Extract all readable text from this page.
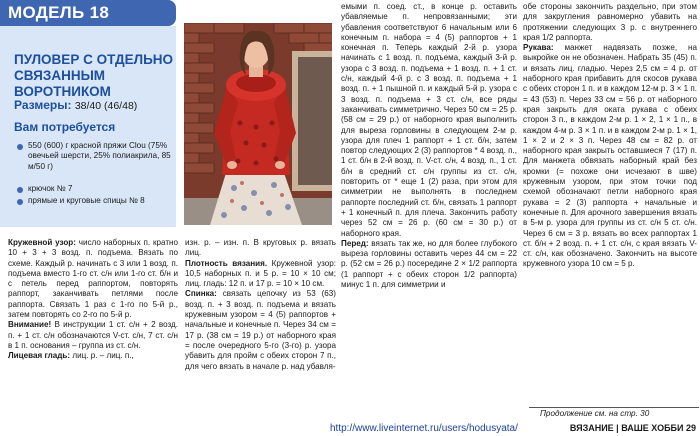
МОДЕЛЬ 18
ПУЛОВЕР С ОТДЕЛЬНО СВЯЗАННЫМ ВОРОТНИКОМ
Размеры: 38/40 (46/48)
Вам потребуется
550 (600) г красной пряжи Clou (75% овечьей шерсти, 25% полиакрила, 85 м/50 г)
крючок № 7
прямые и круговые спицы № 8

Кружевной узор: число наборных п. кратно 10 + 3 + 3 возд. п. подъема. Вязать по схеме. Каждый р. начинать с 3 или 1 возд. п. подъема вместо 1-го ст. с/н или 1-го ст. б/н и с петель перед раппортом, повторять раппорт, заканчивать петлями после раппорта. Связать 1 раз с 1-го по 5-й р., затем повторять со 2-го по 5-й р.

Внимание! В инструкции 1 ст. с/н + 2 возд. п. + 1 ст. с/н обозначаются V-ст. с/н, 7 ст. с/н в 1 п. основания – группа из ст. с/н.

Лицевая гладь: лиц. р. – лиц. п.,

изн. р. – изн. п. В круговых р. вязать лиц.

Плотность вязания. Кружевной узор: 10,5 наборных п. и 5 р. = 10 × 10 см; лиц. гладь: 12 п. и 17 р. = 10 × 10 см.

Спинка: связать цепочку из 53 (63) возд. п. + 3 возд. п. подъема и вязать кружевным узором = 4 (5) раппортов + начальные и конечные п. Через 34 см = 17 р. (38 см = 19 р.) от наборного края = после очередного 5-го (3-го) р. узора убавить для пройм с обеих сторон 7 п., для чего вязать в начале р. над убавля-

емыми п. соед. ст., в конце р. оставить убавляемые п. непровязанными; эти убавления соответствуют 6 начальным или 6 конечным п. наборa = 4 (5) раппортов + 1 конечная п. Теперь каждый 2-й р. узора начинать с 1 возд. п. подъема, каждый 3-й р. узора с 3 возд. п. подъема + 1 возд. п. + 1 ст. с/н, каждый 4-й р. с 3 возд. п. подъема + 1 возд. п. + 1 пышной п. и каждый 5-й р. узора с 3 возд. п. подъема + 3 ст. с/н, все ряды заканчивать симметрично. Через 50 см = 25 р. (58 см = 29 р.) от наборного края выполнить для выреза горловины в следующем 2-м р. узора для плеч 1 раппорт + 1 ст. б/н, затем повтор следующих 2 (3) раппортов * 4 возд. п., 1 ст. б/н в 2-й возд. п. V-ст. с/н, 4 возд. п., 1 ст. б/н в средний ст. с/н группы из ст. с/н, повторить от * еще 1 (2) раза, при этом для симметрии не выполнять в последнем раппорте последний ст. б/н, связать 1 раппорт + 1 конечный п. для плеча. Закончить работу через 52 см = 26 р. (60 см = 30 р.) от наборного края.

Перед: вязать так же, но для более глубокого выреза горловины оставить через 44 см = 22 р. (52 см = 26 р.) посередине 2 × 1/2 раппорта (1 раппорт + с обеих сторон 1/2 раппорта) минус 1 п. для симметрии и

обе стороны закончить раздельно, при этом для закругления равномерно убавить на протяжении следующих 3 р. с внутреннего края 1/2 раппорта.

Рукава: манжет надвязать позже, на выкройке он не обозначен. Набрать 35 (45) п. и вязать лиц. гладью. Через 2,5 см = 4 р. от наборного края прибавить для скосов рукава с обеих сторон 1 п. и в каждом 12-м р. 3 × 1 п. = 43 (53) п. Через 33 см = 56 р. от наборного края закрыть для оката рукава с обеих сторон 3 п., в каждом 2-м р. 1 × 2, 1 × 1 п., в каждом 4-м р. 3 × 1 п. и в каждом 2-м р. 1 × 1, 1 × 2 и 2 × 3 п. Через 48 см = 82 р. от наборного края закрыть оставшиеся 7 (17) п. Для манжета обвязать наборный край без кромки (= похоже они исчезают в шве) кружевным узором, при этом точки под схемой обозначают петли наборного края рукава = 2 (3) раппорта + начальные и конечные п. Для арочного завершения вязать в 5-м р. узора для группы из ст. с/н 5 ст. с/н. Через 6 см = 3 р. вязать во всех раппортах 1 ст. б/н + 2 возд. п. + 1 ст. с/н, с края вязать V-ст. с/н, как обозначено. Закончить на высоте кружевного узора 10 см = 5 р.

Продолжение см. на стр. 30
http://www.liveinternet.ru/users/hodusyata/	ВЯЗАНИЕ | ВАШЕ ХОББИ 29
